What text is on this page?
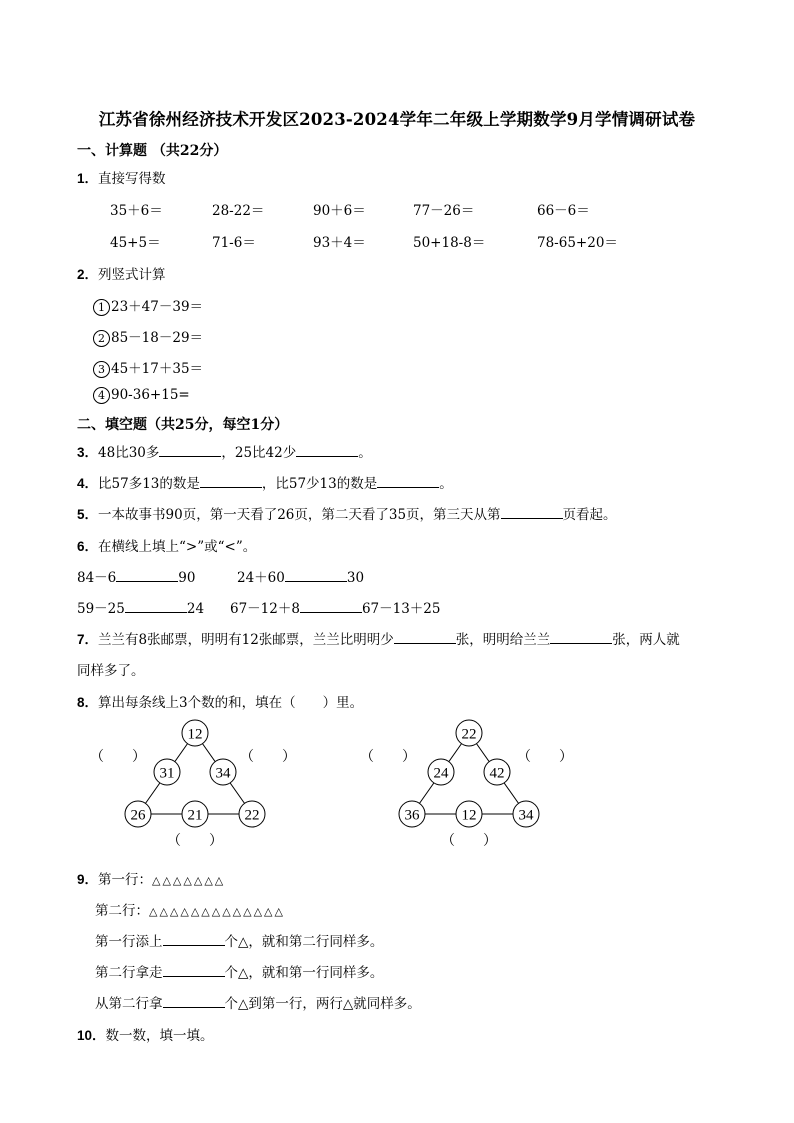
江苏省徐州经济技术开发区2023-2024学年二年级上学期数学9月学情调研试卷
一、计算题 （共22分）
1．直接写得数
35＋6＝	28-22＝	90＋6＝	77－26＝	66－6＝
45+5＝	71-6＝	93＋4＝	50+18-8＝	78-65+20＝
2．列竖式计算
1 23＋47－39＝
2 85－18－29＝
3 45＋17＋35＝
4 90-36+15=
二、填空题（共25分，每空1分）
3．48比30多	，25比42少	。
4．比57多13的数是	，比57少13的数是	。
5．一本故事书90页，第一天看了26页，第二天看了35页，第三天从第	页看起。
6．在横线上填上“>”或“<”。
84－6	90	24＋60	30
59－25	24 67－12＋8	67－13＋25
7．兰兰有8张邮票，明明有12张邮票，兰兰比明明少	张，明明给兰兰	张，两人就
同样多了。
8．算出每条线上3个数的和，填在（　　）里。
12
31	34
26	21	22
（　　）	（　　）
（　　）
22
24	42
36	12	34
（　　）	（　　）
（　　）
9．第一行：△△△△△△△
第二行：△△△△△△△△△△△△△
第一行添上	个△，就和第二行同样多。
第二行拿走	个△，就和第一行同样多。
从第二行拿	个△到第一行，两行△就同样多。
10．数一数，填一填。
